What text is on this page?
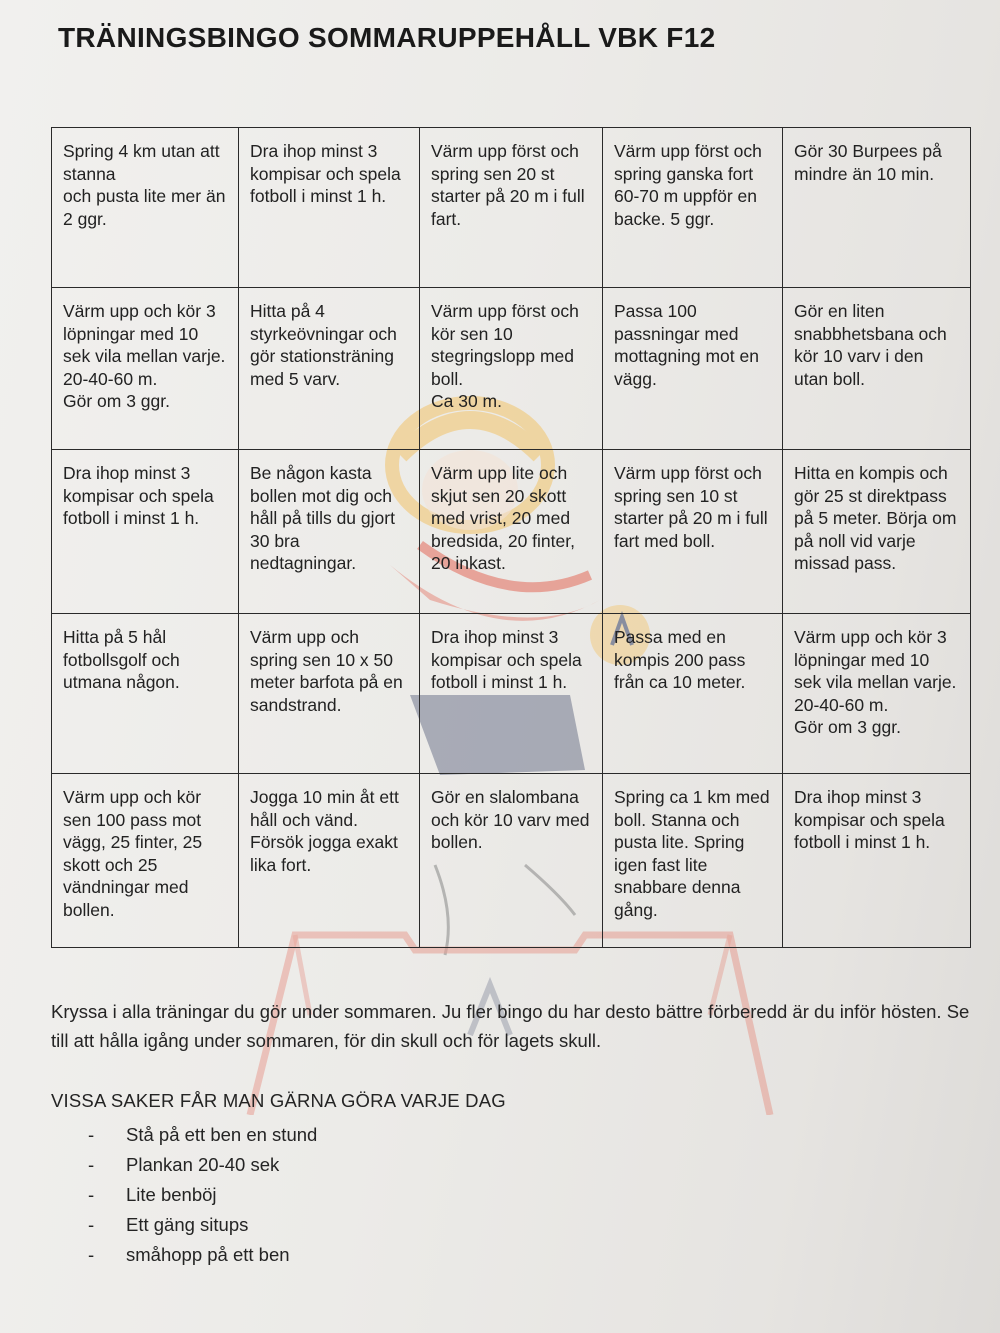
TRÄNINGSBINGO SOMMARUPPEHÅLL VBK F12
Spring 4 km utan att stanna
och pusta lite mer än 2 ggr.	Dra ihop minst 3 kompisar och spela fotboll i minst 1 h.	Värm upp först och spring sen 20 st starter på 20 m i full fart.	Värm upp först och spring ganska fort 60-70 m uppför en backe. 5 ggr.	Gör 30 Burpees på mindre än 10 min.
Värm upp och kör 3 löpningar med 10 sek vila mellan varje.
20-40-60 m.
Gör om 3 ggr.	Hitta på 4 styrkeövningar och gör stationsträning med 5 varv.	Värm upp först och kör sen 10 stegringslopp med boll.
Ca 30 m.	Passa 100 passningar med mottagning mot en vägg.	Gör en liten snabbhetsbana och kör 10 varv i den utan boll.
Dra ihop minst 3 kompisar och spela fotboll i minst 1 h.	Be någon kasta bollen mot dig och håll på tills du gjort 30 bra nedtagningar.	Värm upp lite och skjut sen 20 skott med vrist, 20 med bredsida, 20 finter, 20 inkast.	Värm upp först och spring sen 10 st starter på 20 m i full fart med boll.	Hitta en kompis och gör 25 st direktpass på 5 meter. Börja om på noll vid varje missad pass.
Hitta på 5 hål fotbollsgolf och utmana någon.	Värm upp och spring sen 10 x 50 meter barfota på en sandstrand.	Dra ihop minst 3 kompisar och spela fotboll i minst 1 h.	Passa med en kompis 200 pass från ca 10 meter.	Värm upp och kör 3 löpningar med 10 sek vila mellan varje.
20-40-60 m.
Gör om 3 ggr.
Värm upp och kör sen 100 pass mot vägg, 25 finter, 25 skott och 25 vändningar med bollen.	Jogga 10 min åt ett håll och vänd. Försök jogga exakt lika fort.	Gör en slalombana och kör 10 varv med bollen.	Spring ca 1 km med boll. Stanna och pusta lite. Spring igen fast lite snabbare denna gång.	Dra ihop minst 3 kompisar och spela fotboll i minst 1 h.

Kryssa i alla träningar du gör under sommaren. Ju fler bingo du har desto bättre förberedd är du inför hösten. Se till att hålla igång under sommaren, för din skull och för lagets skull.

VISSA SAKER FÅR MAN GÄRNA GÖRA VARJE DAG
-	Stå på ett ben en stund
-	Plankan 20-40 sek
-	Lite benböj
-	Ett gäng situps
-	småhopp på ett ben
